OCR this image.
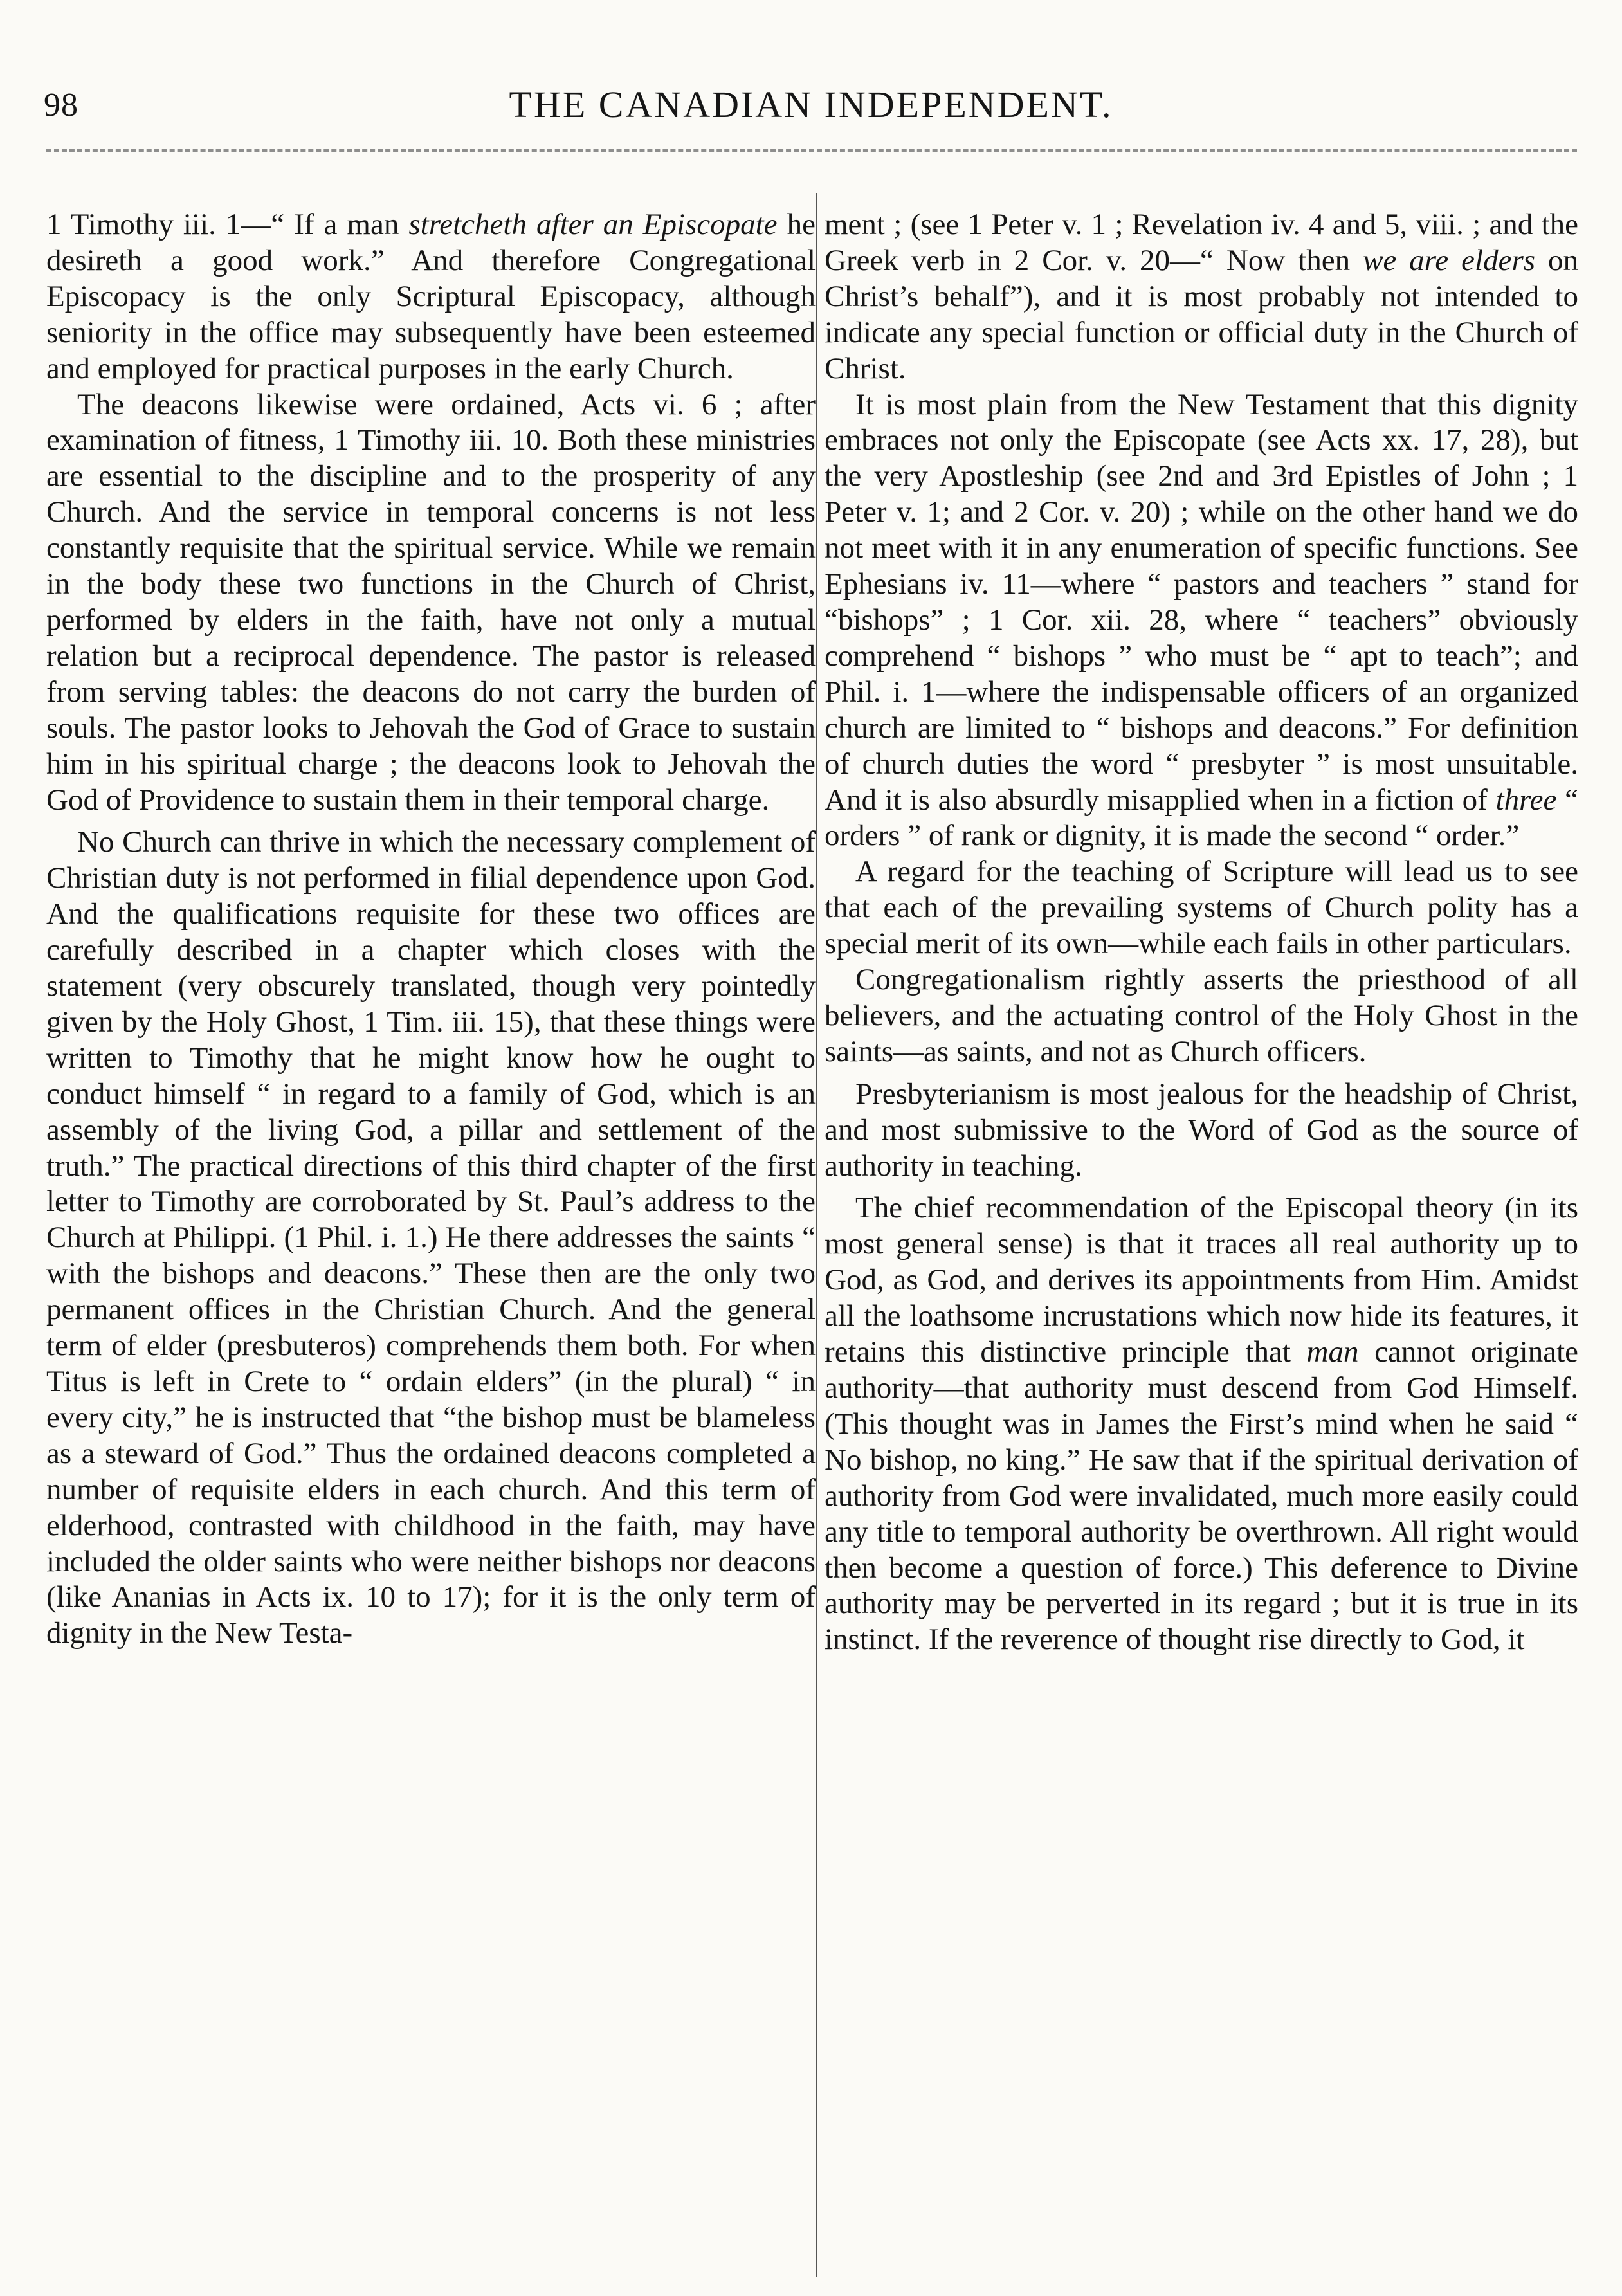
98	THE CANADIAN INDEPENDENT.

1 Timothy iii. 1—“ If a man stretcheth after an Episcopate he desireth a good work.” And therefore Congregational Episcopacy is the only Scriptural Episcopacy, although seniority in the office may subsequently have been esteemed and employed for practical purposes in the early Church.

The deacons likewise were ordained, Acts vi. 6 ; after examination of fitness, 1 Timothy iii. 10. Both these ministries are essential to the discipline and to the prosperity of any Church. And the service in temporal concerns is not less constantly requisite that the spiritual service. While we remain in the body these two functions in the Church of Christ, performed by elders in the faith, have not only a mutual relation but a reciprocal dependence. The pastor is released from serving tables: the deacons do not carry the burden of souls. The pastor looks to Jehovah the God of Grace to sustain him in his spiritual charge ; the deacons look to Jehovah the God of Providence to sustain them in their temporal charge.

No Church can thrive in which the necessary complement of Christian duty is not performed in filial dependence upon God. And the qualifications requisite for these two offices are carefully described in a chapter which closes with the statement (very obscurely translated, though very pointedly given by the Holy Ghost, 1 Tim. iii. 15), that these things were written to Timothy that he might know how he ought to conduct himself “ in regard to a family of God, which is an assembly of the living God, a pillar and settlement of the truth.” The practical directions of this third chapter of the first letter to Timothy are corroborated by St. Paul’s address to the Church at Philippi. (1 Phil. i. 1.) He there addresses the saints “ with the bishops and deacons.” These then are the only two permanent offices in the Christian Church. And the general term of elder (presbuteros) comprehends them both. For when Titus is left in Crete to “ ordain elders” (in the plural) “ in every city,” he is instructed that “the bishop must be blameless as a steward of God.” Thus the ordained deacons completed a number of requisite elders in each church. And this term of elderhood, contrasted with childhood in the faith, may have included the older saints who were neither bishops nor deacons (like Ananias in Acts ix. 10 to 17); for it is the only term of dignity in the New Testa-

ment ; (see 1 Peter v. 1 ; Revelation iv. 4 and 5, viii. ; and the Greek verb in 2 Cor. v. 20—“ Now then we are elders on Christ’s behalf”), and it is most probably not intended to indicate any special function or official duty in the Church of Christ.

It is most plain from the New Testament that this dignity embraces not only the Episcopate (see Acts xx. 17, 28), but the very Apostleship (see 2nd and 3rd Epistles of John ; 1 Peter v. 1; and 2 Cor. v. 20) ; while on the other hand we do not meet with it in any enumeration of specific functions. See Ephesians iv. 11—where “ pastors and teachers ” stand for “bishops” ; 1 Cor. xii. 28, where “ teachers” obviously comprehend “ bishops ” who must be “ apt to teach”; and Phil. i. 1—where the indispensable officers of an organized church are limited to “ bishops and deacons.” For definition of church duties the word “ presbyter ” is most unsuitable. And it is also absurdly misapplied when in a fiction of three “ orders ” of rank or dignity, it is made the second “ order.”

A regard for the teaching of Scripture will lead us to see that each of the prevailing systems of Church polity has a special merit of its own—while each fails in other particulars.

Congregationalism rightly asserts the priesthood of all believers, and the actuating control of the Holy Ghost in the saints—as saints, and not as Church officers.

Presbyterianism is most jealous for the headship of Christ, and most submissive to the Word of God as the source of authority in teaching.

The chief recommendation of the Episcopal theory (in its most general sense) is that it traces all real authority up to God, as God, and derives its appointments from Him. Amidst all the loathsome incrustations which now hide its features, it retains this distinctive principle that man cannot originate authority—that authority must descend from God Himself. (This thought was in James the First’s mind when he said “ No bishop, no king.” He saw that if the spiritual derivation of authority from God were invalidated, much more easily could any title to temporal authority be overthrown. All right would then become a question of force.) This deference to Divine authority may be perverted in its regard ; but it is true in its instinct. If the reverence of thought rise directly to God, it
